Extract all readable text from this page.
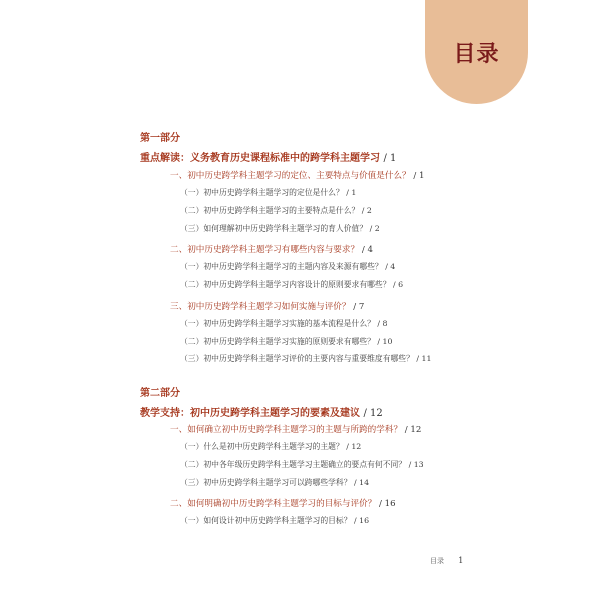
目录
第一部分
重点解读：义务教育历史课程标准中的跨学科主题学习 / 1
一、初中历史跨学科主题学习的定位、主要特点与价值是什么？ / 1
（一）初中历史跨学科主题学习的定位是什么？ / 1
（二）初中历史跨学科主题学习的主要特点是什么？ / 2
（三）如何理解初中历史跨学科主题学习的育人价值？ / 2
二、初中历史跨学科主题学习有哪些内容与要求？ / 4
（一）初中历史跨学科主题学习的主题内容及来源有哪些？ / 4
（二）初中历史跨学科主题学习内容设计的原则要求有哪些？ / 6
三、初中历史跨学科主题学习如何实施与评价？ / 7
（一）初中历史跨学科主题学习实施的基本流程是什么？ / 8
（二）初中历史跨学科主题学习实施的原则要求有哪些？ / 10
（三）初中历史跨学科主题学习评价的主要内容与重要维度有哪些？ / 11
第二部分
教学支持：初中历史跨学科主题学习的要素及建议 / 12
一、如何确立初中历史跨学科主题学习的主题与所跨的学科？ / 12
（一）什么是初中历史跨学科主题学习的主题？ / 12
（二）初中各年级历史跨学科主题学习主题确立的要点有何不同？ / 13
（三）初中历史跨学科主题学习可以跨哪些学科？ / 14
二、如何明确初中历史跨学科主题学习的目标与评价？ / 16
（一）如何设计初中历史跨学科主题学习的目标？ / 16
目录 1
